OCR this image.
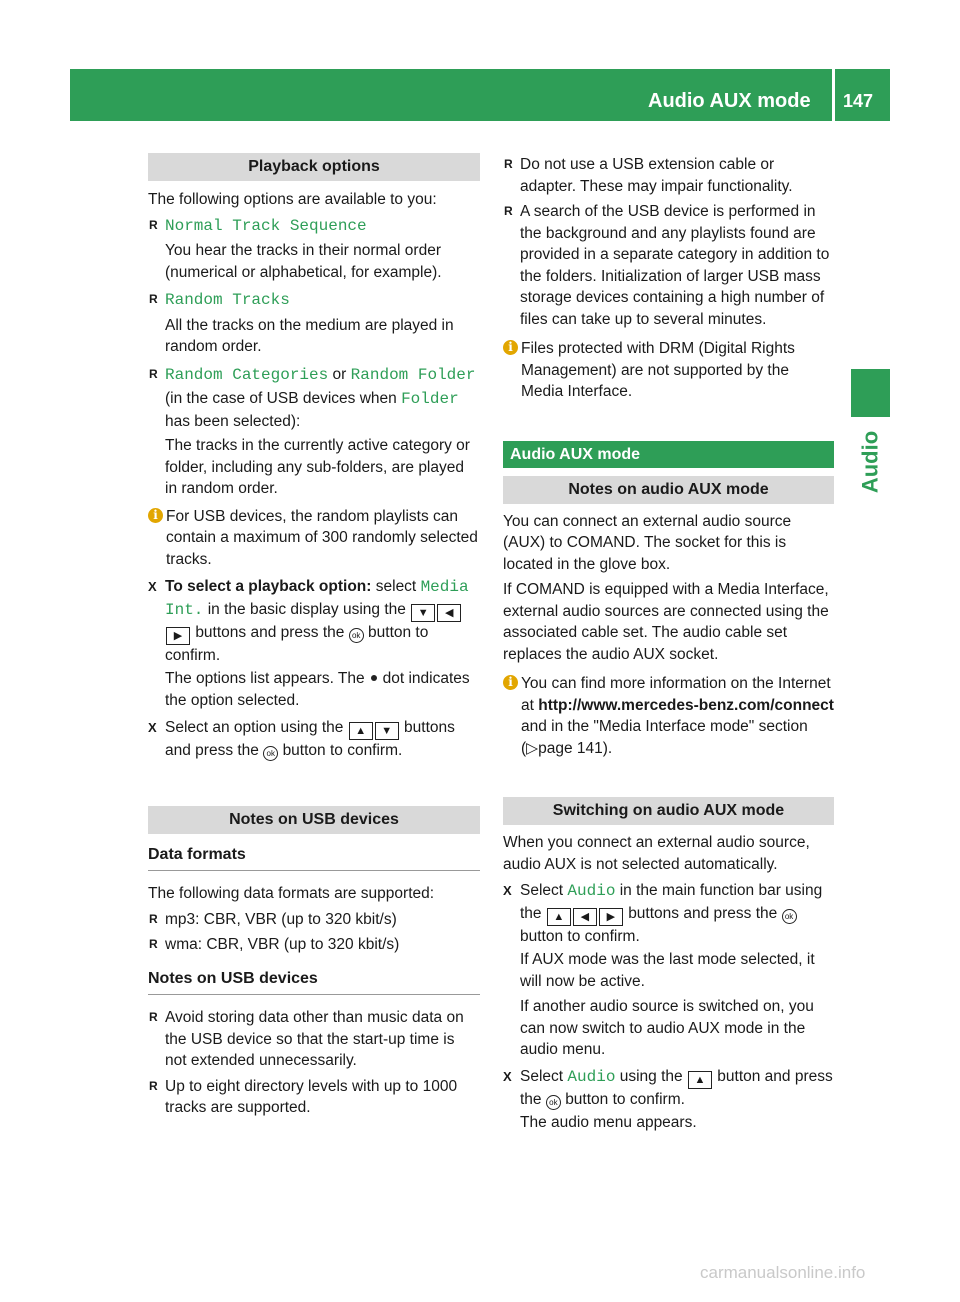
Audio AUX mode 147
Audio
Playback options

The following options are available to you:

R Normal Track Sequence

You hear the tracks in their normal order (numerical or alphabetical, for example).

R Random Tracks

All the tracks on the medium are played in random order.

R Random Categories or Random Folder

(in the case of USB devices when Folder has been selected):

The tracks in the currently active category or folder, including any sub-folders, are played in random order.

i For USB devices, the random playlists can contain a maximum of 300 randomly selected tracks.
X To select a playback option: select Media Int. in the basic display using the ▼ ◀▶ buttons and press the ok button to confirm.

The options list appears. The dot indicates the option selected.

X Select an option using the ▲ ▼ buttons and press the ok button to confirm.
Notes on USB devices
Data formats

The following data formats are supported:

R mp3: CBR, VBR (up to 320 kbit/s)
R wma: CBR, VBR (up to 320 kbit/s)
Notes on USB devices
R Avoid storing data other than music data on the USB device so that the start-up time is not extended unnecessarily.
R Up to eight directory levels with up to 1000 tracks are supported.
R Do not use a USB extension cable or adapter. These may impair functionality.
R A search of the USB device is performed in the background and any playlists found are provided in a separate category in addition to the folders. Initialization of larger USB mass storage devices containing a high number of files can take up to several minutes.
i Files protected with DRM (Digital Rights Management) are not supported by the Media Interface.
Audio AUX mode
Notes on audio AUX mode

You can connect an external audio source (AUX) to COMAND. The socket for this is located in the glove box.

If COMAND is equipped with a Media Interface, external audio sources are connected using the associated cable set. The audio cable set replaces the audio AUX socket.

i You can find more information on the Internet at http://www.mercedes-benz.com/connect and in the "Media Interface mode" section (▷page 141).
Switching on audio AUX mode

When you connect an external audio source, audio AUX is not selected automatically.

X Select Audio in the main function bar using the ▲ ◀ ▶ buttons and press the ok button to confirm.

If AUX mode was the last mode selected, it will now be active.

If another audio source is switched on, you can now switch to audio AUX mode in the audio menu.

X Select Audio using the ▲ button and press the ok button to confirm.

The audio menu appears.

carmanualsonline.info
